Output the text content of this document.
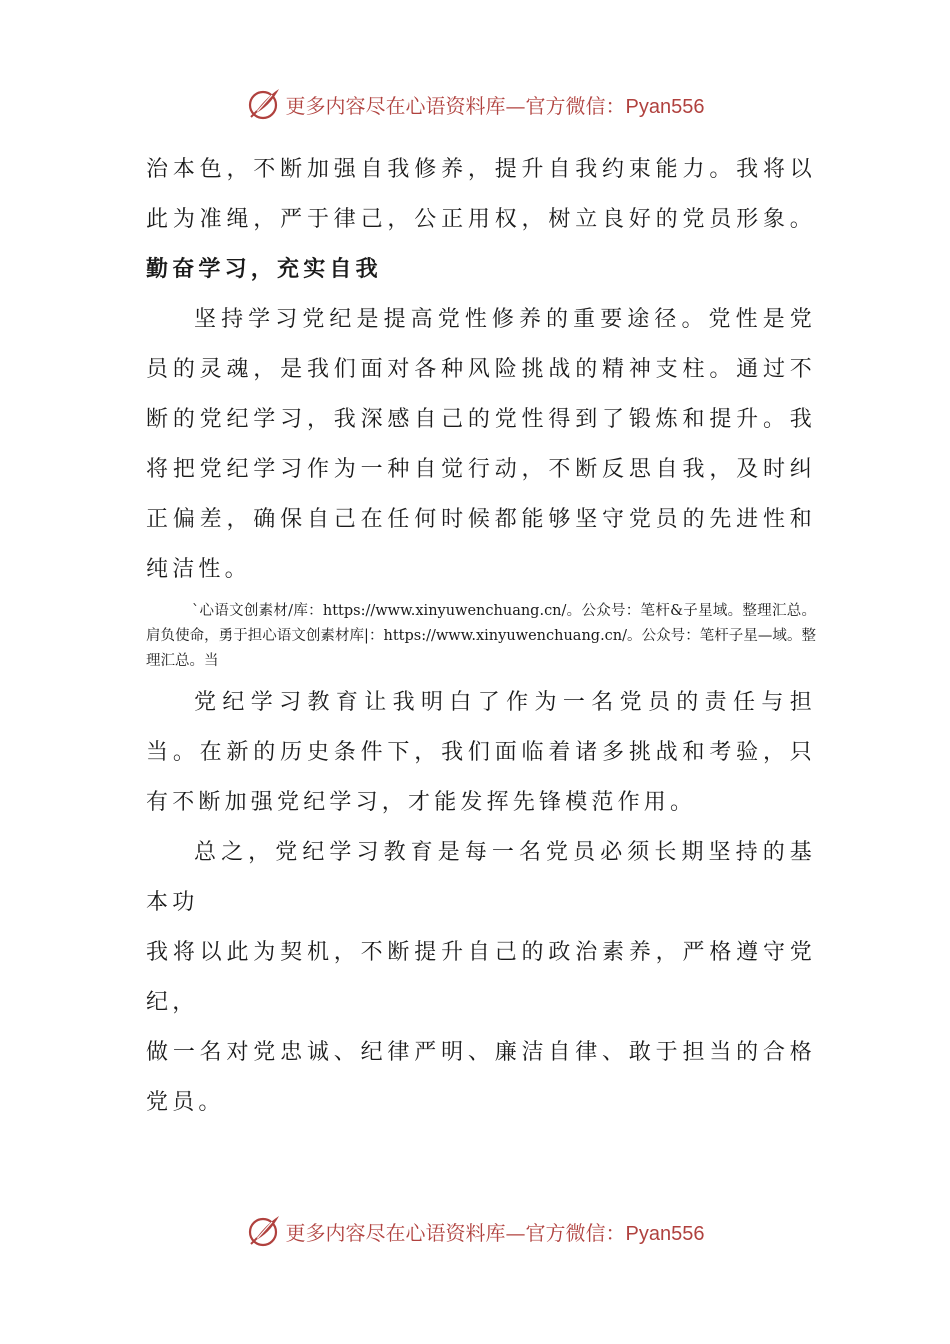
更多内容尽在心语资料库—官方微信：Pyan556

治本色，不断加强自我修养，提升自我约束能力。我将以此为准绳，严于律己，公正用权，树立良好的党员形象。勤奋学习，充实自我

坚持学习党纪是提高党性修养的重要途径。党性是党员的灵魂，是我们面对各种风险挑战的精神支柱。通过不断的党纪学习，我深感自己的党性得到了锻炼和提升。我将把党纪学习作为一种自觉行动，不断反思自我，及时纠正偏差，确保自己在任何时候都能够坚守党员的先进性和纯洁性。

`心语文创素材/库：https://www.xinyuwenchuang.cn/。公众号：笔杆&子星域。整理汇总。肩负使命，勇于担心语文创素材库|：https://www.xinyuwenchuang.cn/。公众号：笔杆子星—域。整理汇总。当

党纪学习教育让我明白了作为一名党员的责任与担当。在新的历史条件下，我们面临着诸多挑战和考验，只有不断加强党纪学习，才能发挥先锋模范作用。

总之，党纪学习教育是每一名党员必须长期坚持的基本功
我将以此为契机，不断提升自己的政治素养，严格遵守党纪，
做一名对党忠诚、纪律严明、廉洁自律、敢于担当的合格党员。
更多内容尽在心语资料库—官方微信：Pyan556
